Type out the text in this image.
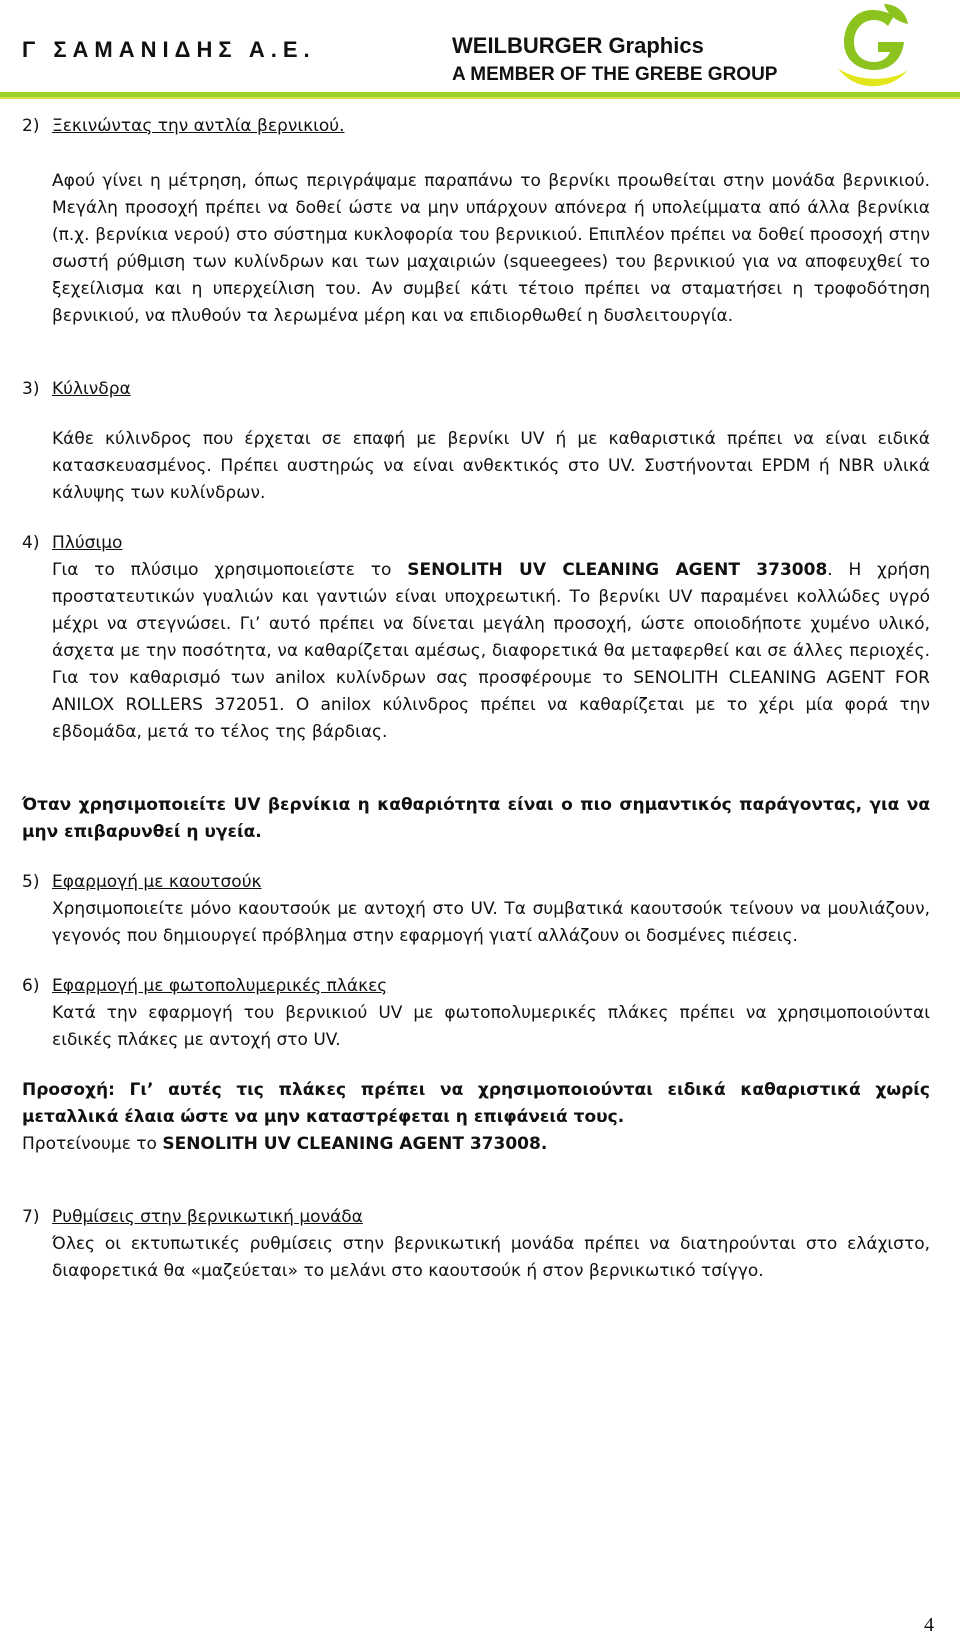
Γ ΣΑΜΑΝΙΔΗΣ Α.Ε.	WEILBURGER Graphics
A MEMBER OF THE GREBE GROUP
2) Ξεκινώντας την αντλία βερνικιού.

Αφού γίνει η μέτρηση, όπως περιγράψαμε παραπάνω το βερνίκι προωθείται στην μονάδα βερνικιού. Μεγάλη προσοχή πρέπει να δοθεί ώστε να μην υπάρχουν απόνερα ή υπολείμματα από άλλα βερνίκια (π.χ. βερνίκια νερού) στο σύστημα κυκλοφορία του βερνικιού. Επιπλέον πρέπει να δοθεί προσοχή στην σωστή ρύθμιση των κυλίνδρων και των μαχαιριών (squeegees) του βερνικιού για να αποφευχθεί το ξεχείλισμα και η υπερχείλιση του. Αν συμβεί κάτι τέτοιο πρέπει να σταματήσει η τροφοδότηση βερνικιού, να πλυθούν τα λερωμένα μέρη και να επιδιορθωθεί η δυσλειτουργία.

3) Κύλινδρα

Κάθε κύλινδρος που έρχεται σε επαφή με βερνίκι UV ή με καθαριστικά πρέπει να είναι ειδικά κατασκευασμένος. Πρέπει αυστηρώς να είναι ανθεκτικός στο UV. Συστήνονται EPDM ή NBR υλικά κάλυψης των κυλίνδρων.

4) Πλύσιμο

Για το πλύσιμο χρησιμοποιείστε το SENOLITH UV CLEANING AGENT 373008. Η χρήση προστατευτικών γυαλιών και γαντιών είναι υποχρεωτική. Το βερνίκι UV παραμένει κολλώδες υγρό μέχρι να στεγνώσει. Γι’ αυτό πρέπει να δίνεται μεγάλη προσοχή, ώστε οποιοδήποτε χυμένο υλικό, άσχετα με την ποσότητα, να καθαρίζεται αμέσως, διαφορετικά θα μεταφερθεί και σε άλλες περιοχές. Για τον καθαρισμό των anilox κυλίνδρων σας προσφέρουμε το SENOLITH CLEANING AGENT FOR ANILOX ROLLERS 372051. Ο anilox κύλινδρος πρέπει να καθαρίζεται με το χέρι μία φορά την εβδομάδα, μετά το τέλος της βάρδιας.

Όταν χρησιμοποιείτε UV βερνίκια η καθαριότητα είναι ο πιο σημαντικός παράγοντας, για να μην επιβαρυνθεί η υγεία.

5) Εφαρμογή με καουτσούκ

Χρησιμοποιείτε μόνο καουτσούκ με αντοχή στο UV. Τα συμβατικά καουτσούκ τείνουν να μουλιάζουν, γεγονός που δημιουργεί πρόβλημα στην εφαρμογή γιατί αλλάζουν οι δοσμένες πιέσεις.

6) Εφαρμογή με φωτοπολυμερικές πλάκες

Κατά την εφαρμογή του βερνικιού UV με φωτοπολυμερικές πλάκες πρέπει να χρησιμοποιούνται ειδικές πλάκες με αντοχή στο UV.

Προσοχή: Γι’ αυτές τις πλάκες πρέπει να χρησιμοποιούνται ειδικά καθαριστικά χωρίς μεταλλικά έλαια ώστε να μην καταστρέφεται η επιφάνειά τους.

Προτείνουμε το SENOLITH UV CLEANING AGENT 373008.

7) Ρυθμίσεις στην βερνικωτική μονάδα

Όλες οι εκτυπωτικές ρυθμίσεις στην βερνικωτική μονάδα πρέπει να διατηρούνται στο ελάχιστο, διαφορετικά θα «μαζεύεται» το μελάνι στο καουτσούκ ή στον βερνικωτικό τσίγγο.

4
